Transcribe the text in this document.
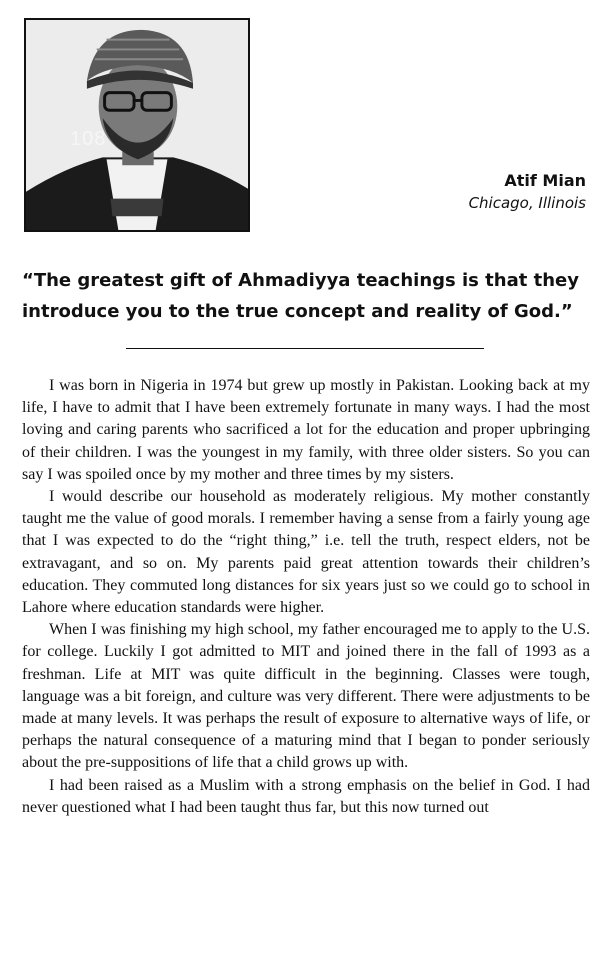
108
Atif Mian
Chicago, Illinois

“The greatest gift of Ahmadiyya teachings is that they introduce you to the true concept and reality of God.”

I was born in Nigeria in 1974 but grew up mostly in Pakistan. Looking back at my life, I have to admit that I have been extremely fortunate in many ways. I had the most loving and caring parents who sacrificed a lot for the education and proper upbringing of their children. I was the youngest in my family, with three older sisters. So you can say I was spoiled once by my mother and three times by my sisters.

I would describe our household as moderately religious. My mother constantly taught me the value of good morals. I remember having a sense from a fairly young age that I was expected to do the “right thing,” i.e. tell the truth, respect elders, not be extravagant, and so on. My parents paid great attention towards their children’s education. They commuted long distances for six years just so we could go to school in Lahore where education standards were higher.

When I was finishing my high school, my father encouraged me to apply to the U.S. for college. Luckily I got admitted to MIT and joined there in the fall of 1993 as a freshman. Life at MIT was quite difficult in the beginning. Classes were tough, language was a bit foreign, and culture was very different. There were adjustments to be made at many levels. It was perhaps the result of exposure to alternative ways of life, or perhaps the natural consequence of a maturing mind that I began to ponder seriously about the pre-suppositions of life that a child grows up with.

I had been raised as a Muslim with a strong emphasis on the belief in God. I had never questioned what I had been taught thus far, but this now turned out
